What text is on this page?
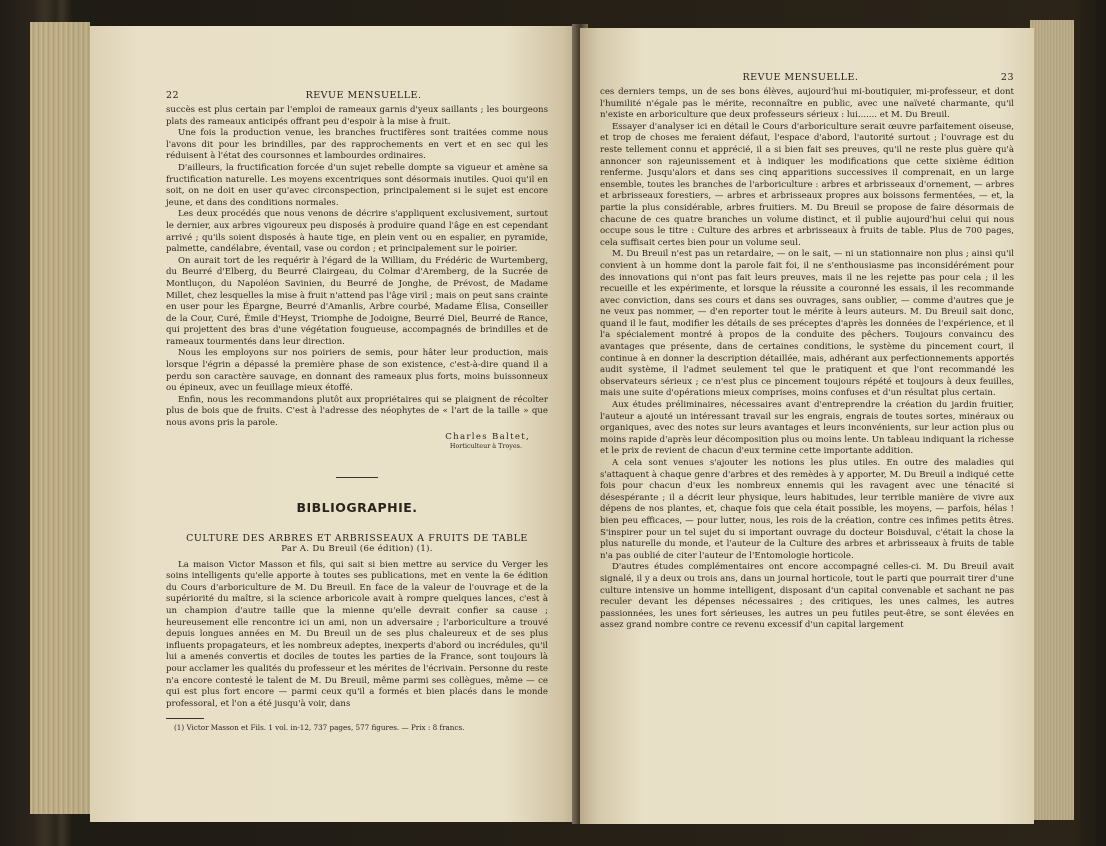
22	REVUE MENSUELLE.

succès est plus certain par l'emploi de rameaux garnis d'yeux saillants ; les bourgeons plats des rameaux anticipés offrant peu d'espoir à la mise à fruit.

Une fois la production venue, les branches fructifères sont traitées comme nous l'avons dit pour les brindilles, par des rapprochements en vert et en sec qui les réduisent à l'état des coursonnes et lambourdes ordinaires.

D'ailleurs, la fructification forcée d'un sujet rebelle dompte sa vigueur et amène sa fructification naturelle. Les moyens excentriques sont désormais inutiles. Quoi qu'il en soit, on ne doit en user qu'avec circonspection, principalement si le sujet est encore jeune, et dans des conditions normales.

Les deux procédés que nous venons de décrire s'appliquent exclusivement, surtout le dernier, aux arbres vigoureux peu disposés à produire quand l'âge en est cependant arrivé ; qu'ils soient disposés à haute tige, en plein vent ou en espalier, en pyramide, palmette, candélabre, éventail, vase ou cordon ; et principalement sur le poirier.

On aurait tort de les requérir à l'égard de la William, du Frédéric de Wurtemberg, du Beurré d'Elberg, du Beurré Clairgeau, du Colmar d'Aremberg, de la Sucrée de Montluçon, du Napoléon Savinien, du Beurré de Jonghe, de Prévost, de Madame Millet, chez lesquelles la mise à fruit n'attend pas l'âge viril ; mais on peut sans crainte en user pour les Épargne, Beurré d'Amanlis, Arbre courbé, Madame Élisa, Conseiller de la Cour, Curé, Émile d'Heyst, Triomphe de Jodoigne, Beurré Diel, Beurré de Rance, qui projettent des bras d'une végétation fougueuse, accompagnés de brindilles et de rameaux tourmentés dans leur direction.

Nous les employons sur nos poiriers de semis, pour hâter leur production, mais lorsque l'égrin a dépassé la première phase de son existence, c'est-à-dire quand il a perdu son caractère sauvage, en donnant des rameaux plus forts, moins buissonneux ou épineux, avec un feuillage mieux étoffé.

Enfin, nous les recommandons plutôt aux propriétaires qui se plaignent de récolter plus de bois que de fruits. C'est à l'adresse des néophytes de « l'art de la taille » que nous avons pris la parole.

Charles Baltet,
Horticulteur à Troyes.
BIBLIOGRAPHIE.
CULTURE DES ARBRES ET ARBRISSEAUX A FRUITS DE TABLE
Par A. Du Breuil (6e édition) (1).

La maison Victor Masson et fils, qui sait si bien mettre au service du Verger les soins intelligents qu'elle apporte à toutes ses publications, met en vente la 6e édition du Cours d'arboriculture de M. Du Breuil. En face de la valeur de l'ouvrage et de la supériorité du maître, si la science arboricole avait à rompre quelques lances, c'est à un champion d'autre taille que la mienne qu'elle devrait confier sa cause ; heureusement elle rencontre ici un ami, non un adversaire ; l'arboriculture a trouvé depuis longues années en M. Du Breuil un de ses plus chaleureux et de ses plus influents propagateurs, et les nombreux adeptes, inexperts d'abord ou incrédules, qu'il lui a amenés convertis et dociles de toutes les parties de la France, sont toujours là pour acclamer les qualités du professeur et les mérites de l'écrivain. Personne du reste n'a encore contesté le talent de M. Du Breuil, même parmi ses collègues, même — ce qui est plus fort encore — parmi ceux qu'il a formés et bien placés dans le monde professoral, et l'on a été jusqu'à voir, dans

(1) Victor Masson et Fils. 1 vol. in-12, 737 pages, 577 figures. — Prix : 8 francs.
REVUE MENSUELLE.	23

ces derniers temps, un de ses bons élèves, aujourd'hui mi-boutiquier, mi-professeur, et dont l'humilité n'égale pas le mérite, reconnaître en public, avec une naïveté charmante, qu'il n'existe en arboriculture que deux professeurs sérieux : lui....... et M. Du Breuil.

Essayer d'analyser ici en détail le Cours d'arboriculture serait œuvre parfaitement oiseuse, et trop de choses me feraient défaut, l'espace d'abord, l'autorité surtout ; l'ouvrage est du reste tellement connu et apprécié, il a si bien fait ses preuves, qu'il ne reste plus guère qu'à annoncer son rajeunissement et à indiquer les modifications que cette sixième édition renferme. Jusqu'alors et dans ses cinq apparitions successives il comprenait, en un large ensemble, toutes les branches de l'arboriculture : arbres et arbrisseaux d'ornement, — arbres et arbrisseaux forestiers, — arbres et arbrisseaux propres aux boissons fermentées, — et, la partie la plus considérable, arbres fruitiers. M. Du Breuil se propose de faire désormais de chacune de ces quatre branches un volume distinct, et il publie aujourd'hui celui qui nous occupe sous le titre : Culture des arbres et arbrisseaux à fruits de table. Plus de 700 pages, cela suffisait certes bien pour un volume seul.

M. Du Breuil n'est pas un retardaire, — on le sait, — ni un stationnaire non plus ; ainsi qu'il convient à un homme dont la parole fait foi, il ne s'enthousiasme pas inconsidérément pour des innovations qui n'ont pas fait leurs preuves, mais il ne les rejette pas pour cela ; il les recueille et les expérimente, et lorsque la réussite a couronné les essais, il les recommande avec conviction, dans ses cours et dans ses ouvrages, sans oublier, — comme d'autres que je ne veux pas nommer, — d'en reporter tout le mérite à leurs auteurs. M. Du Breuil sait donc, quand il le faut, modifier les détails de ses préceptes d'après les données de l'expérience, et il l'a spécialement montré à propos de la conduite des pêchers. Toujours convaincu des avantages que présente, dans de certaines conditions, le système du pincement court, il continue à en donner la description détaillée, mais, adhérant aux perfectionnements apportés audit système, il l'admet seulement tel que le pratiquent et que l'ont recommandé les observateurs sérieux ; ce n'est plus ce pincement toujours répété et toujours à deux feuilles, mais une suite d'opérations mieux comprises, moins confuses et d'un résultat plus certain.

Aux études préliminaires, nécessaires avant d'entreprendre la création du jardin fruitier, l'auteur a ajouté un intéressant travail sur les engrais, engrais de toutes sortes, minéraux ou organiques, avec des notes sur leurs avantages et leurs inconvénients, sur leur action plus ou moins rapide d'après leur décomposition plus ou moins lente. Un tableau indiquant la richesse et le prix de revient de chacun d'eux termine cette importante addition.

A cela sont venues s'ajouter les notions les plus utiles. En outre des maladies qui s'attaquent à chaque genre d'arbres et des remèdes à y apporter, M. Du Breuil a indiqué cette fois pour chacun d'eux les nombreux ennemis qui les ravagent avec une ténacité si désespérante ; il a décrit leur physique, leurs habitudes, leur terrible manière de vivre aux dépens de nos plantes, et, chaque fois que cela était possible, les moyens, — parfois, hélas ! bien peu efficaces, — pour lutter, nous, les rois de la création, contre ces infimes petits êtres. S'inspirer pour un tel sujet du si important ouvrage du docteur Boisduval, c'était la chose la plus naturelle du monde, et l'auteur de la Culture des arbres et arbrisseaux à fruits de table n'a pas oublié de citer l'auteur de l'Entomologie horticole.

D'autres études complémentaires ont encore accompagné celles-ci. M. Du Breuil avait signalé, il y a deux ou trois ans, dans un journal horticole, tout le parti que pourrait tirer d'une culture intensive un homme intelligent, disposant d'un capital convenable et sachant ne pas reculer devant les dépenses nécessaires ; des critiques, les unes calmes, les autres passionnées, les unes fort sérieuses, les autres un peu futiles peut-être, se sont élevées en assez grand nombre contre ce revenu excessif d'un capital largement
